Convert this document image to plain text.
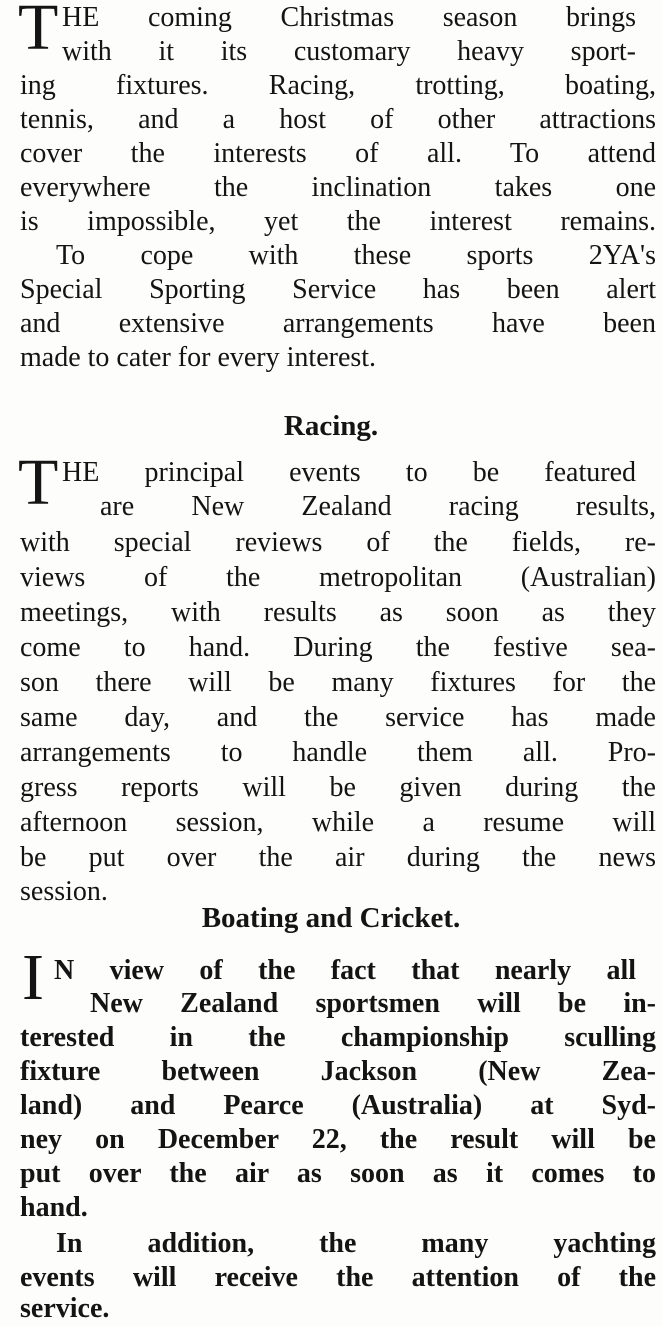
T HE coming Christmas season brings
with it its customary heavy sport-
ing fixtures. Racing, trotting, boating,
tennis, and a host of other attractions
cover the interests of all. To attend
everywhere the inclination takes one
is impossible, yet the interest remains.
To cope with these sports 2YA's
Special Sporting Service has been alert
and extensive arrangements have been
made to cater for every interest.
Racing.
T HE principal events to be featured
are New Zealand racing results,
with special reviews of the fields, re-
views of the metropolitan (Australian)
meetings, with results as soon as they
come to hand. During the festive sea-
son there will be many fixtures for the
same day, and the service has made
arrangements to handle them all. Pro-
gress reports will be given during the
afternoon session, while a resume will
be put over the air during the news
session.
Boating and Cricket.
I N view of the fact that nearly all
New Zealand sportsmen will be in-
terested in the championship sculling
fixture between Jackson (New Zea-
land) and Pearce (Australia) at Syd-
ney on December 22, the result will be
put over the air as soon as it comes to
hand.
In addition, the many yachting
events will receive the attention of the
service.
